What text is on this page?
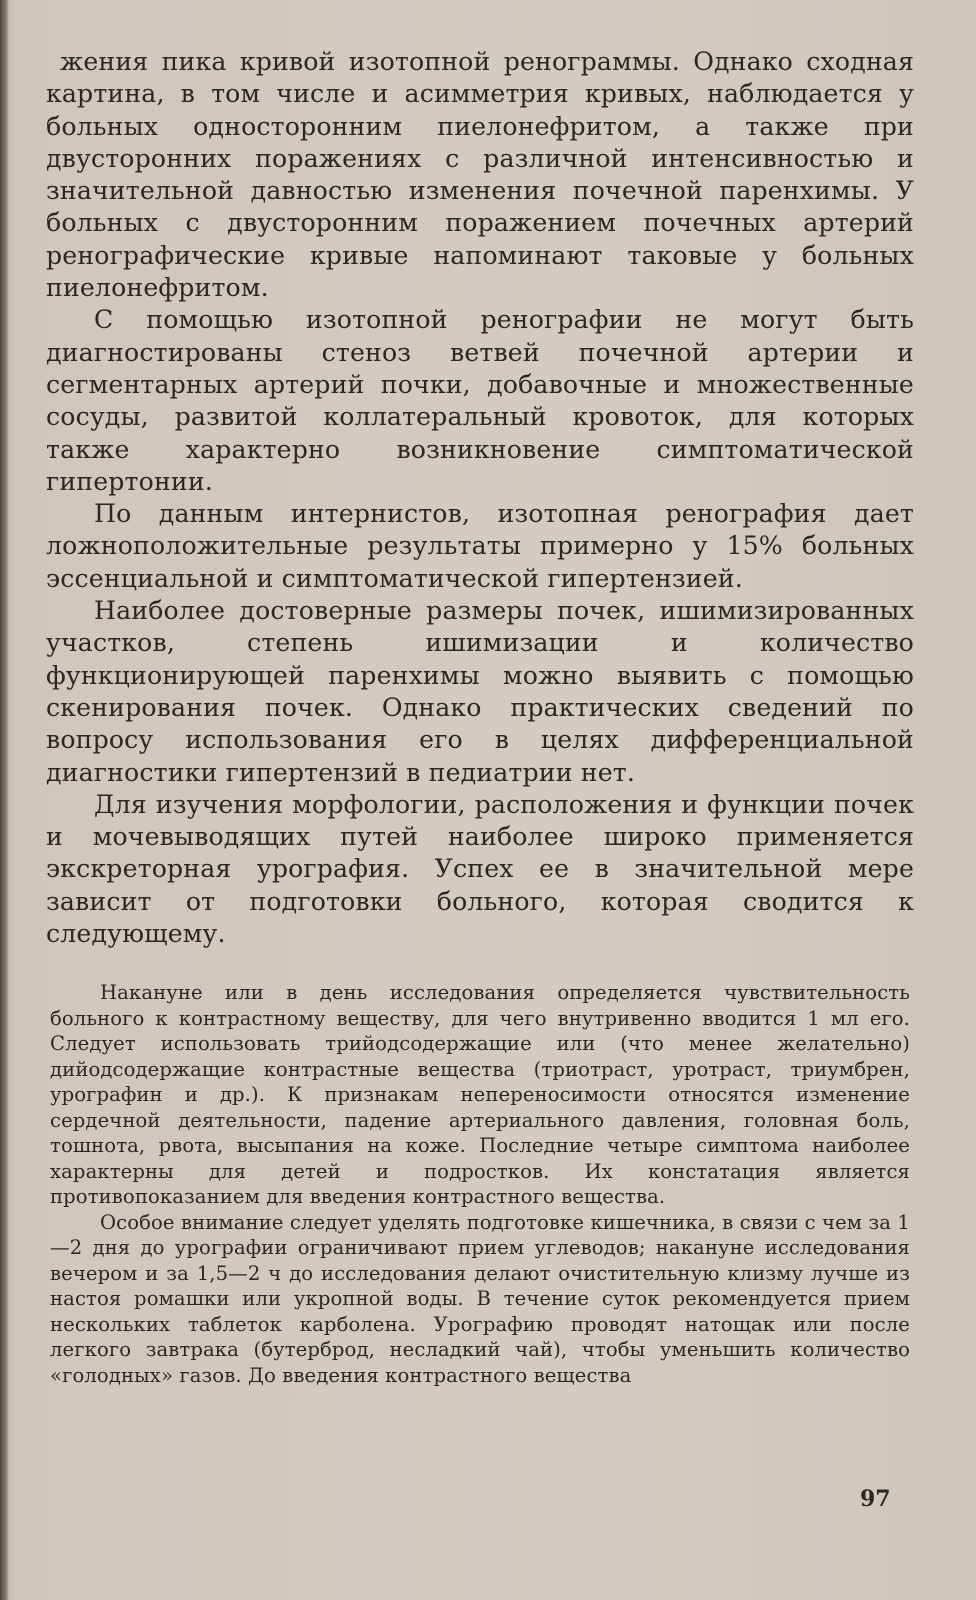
жения пика кривой изотопной ренограммы. Однако сходная картина, в том числе и асимметрия кривых, наблюдается у больных односторонним пиелонефритом, а также при двусторонних поражениях с различной интенсивностью и значительной давностью изменения почечной паренхимы. У больных с двусторонним поражением почечных артерий ренографические кривые напоминают таковые у больных пиелонефритом.

С помощью изотопной ренографии не могут быть диагностированы стеноз ветвей почечной артерии и сегментарных артерий почки, добавочные и множественные сосуды, развитой коллатеральный кровоток, для которых также характерно возникновение симптоматической гипертонии.

По данным интернистов, изотопная ренография дает ложноположительные результаты примерно у 15% больных эссенциальной и симптоматической гипертензией.

Наиболее достоверные размеры почек, ишимизированных участков, степень ишимизации и количество функционирующей паренхимы можно выявить с помощью скенирования почек. Однако практических сведений по вопросу использования его в целях дифференциальной диагностики гипертензий в педиатрии нет.

Для изучения морфологии, расположения и функции почек и мочевыводящих путей наиболее широко применяется экскреторная урография. Успех ее в значительной мере зависит от подготовки больного, которая сводится к следующему.

Накануне или в день исследования определяется чувствительность больного к контрастному веществу, для чего внутривенно вводится 1 мл его. Следует использовать трийодсодержащие или (что менее желательно) дийодсодержащие контрастные вещества (триотраст, уротраст, триумбрен, урографин и др.). К признакам непереносимости относятся изменение сердечной деятельности, падение артериального давления, головная боль, тошнота, рвота, высыпания на коже. Последние четыре симптома наиболее характерны для детей и подростков. Их констатация является противопоказанием для введения контрастного вещества.

Особое внимание следует уделять подготовке кишечника, в связи с чем за 1—2 дня до урографии ограничивают прием углеводов; накануне исследования вечером и за 1,5—2 ч до исследования делают очистительную клизму лучше из настоя ромашки или укропной воды. В течение суток рекомендуется прием нескольких таблеток карболена. Урографию проводят натощак или после легкого завтрака (бутерброд, несладкий чай), чтобы уменьшить количество «голодных» газов. До введения контрастного вещества

97
